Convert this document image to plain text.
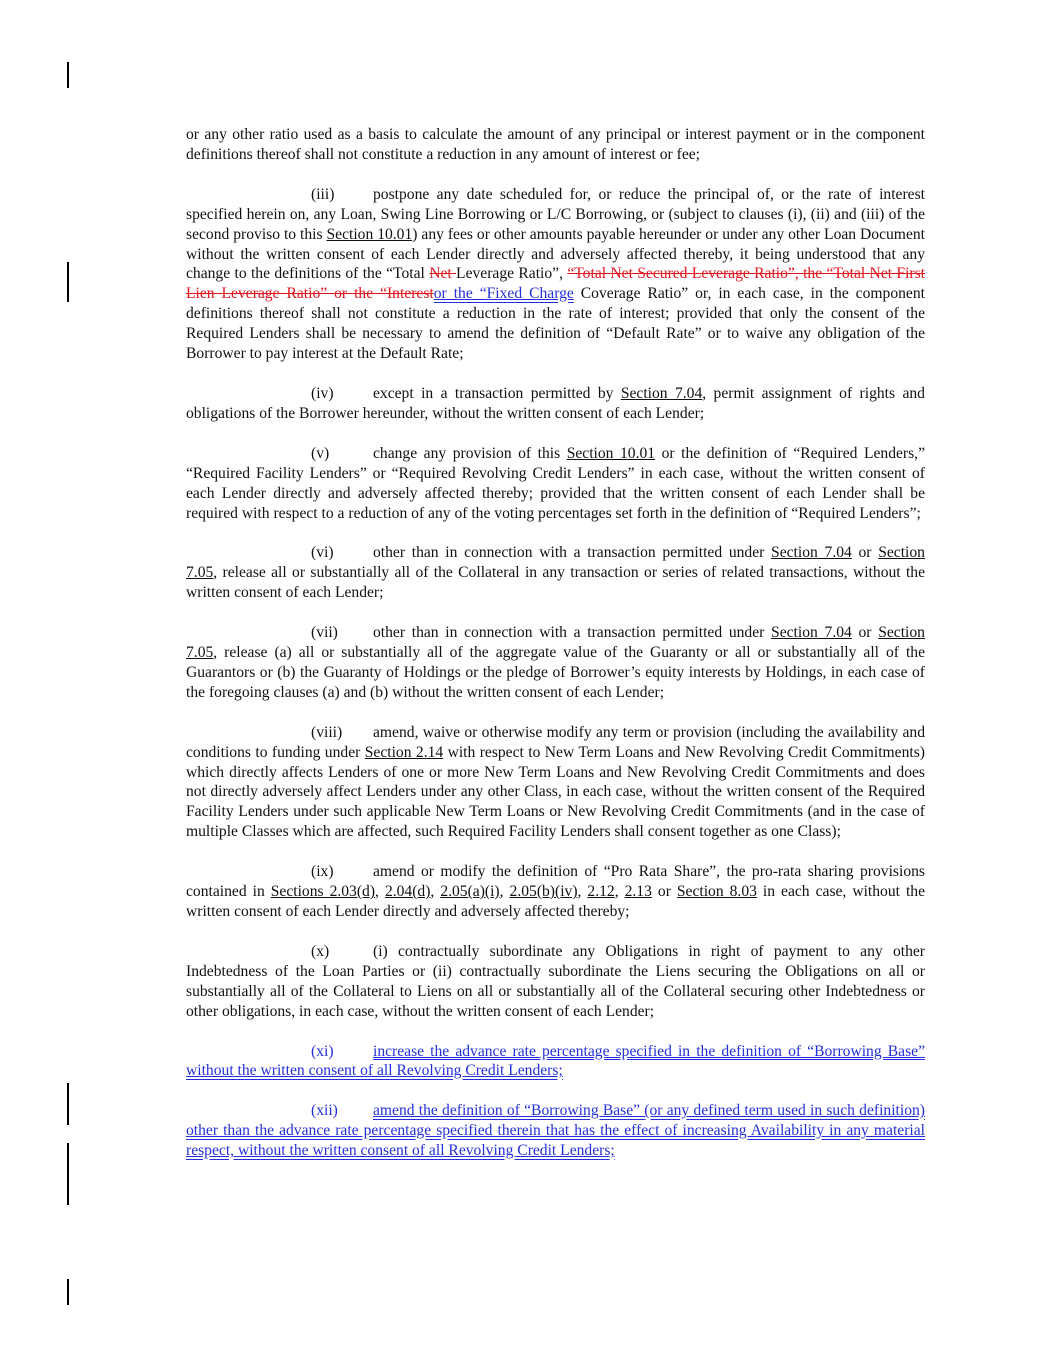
or any other ratio used as a basis to calculate the amount of any principal or interest payment or in the component definitions thereof shall not constitute a reduction in any amount of interest or fee;

(iii) postpone any date scheduled for, or reduce the principal of, or the rate of interest specified herein on, any Loan, Swing Line Borrowing or L/C Borrowing, or (subject to clauses (i), (ii) and (iii) of the second proviso to this Section 10.01) any fees or other amounts payable hereunder or under any other Loan Document without the written consent of each Lender directly and adversely affected thereby, it being understood that any change to the definitions of the “Total Net Leverage Ratio”, “Total Net Secured Leverage Ratio”, the “Total Net First Lien Leverage Ratio” or the “Interestor the “Fixed Charge Coverage Ratio” or, in each case, in the component definitions thereof shall not constitute a reduction in the rate of interest; provided that only the consent of the Required Lenders shall be necessary to amend the definition of “Default Rate” or to waive any obligation of the Borrower to pay interest at the Default Rate;

(iv)	except in a transaction permitted by Section 7.04, permit assignment of rights and obligations of the Borrower hereunder, without the written consent of each Lender;

(v)	change any provision of this Section 10.01 or the definition of “Required Lenders,” “Required Facility Lenders” or “Required Revolving Credit Lenders” in each case, without the written consent of each Lender directly and adversely affected thereby; provided that the written consent of each Lender shall be required with respect to a reduction of any of the voting percentages set forth in the definition of “Required Lenders”;

(vi)	other than in connection with a transaction permitted under Section 7.04 or Section 7.05, release all or substantially all of the Collateral in any transaction or series of related transactions, without the written consent of each Lender;

(vii) other than in connection with a transaction permitted under Section 7.04 or Section 7.05, release (a) all or substantially all of the aggregate value of the Guaranty or all or substantially all of the Guarantors or (b) the Guaranty of Holdings or the pledge of Borrower’s equity interests by Holdings, in each case of the foregoing clauses (a) and (b) without the written consent of each Lender;

(viii) amend, waive or otherwise modify any term or provision (including the availability and conditions to funding under Section 2.14 with respect to New Term Loans and New Revolving Credit Commitments) which directly affects Lenders of one or more New Term Loans and New Revolving Credit Commitments and does not directly adversely affect Lenders under any other Class, in each case, without the written consent of the Required Facility Lenders under such applicable New Term Loans or New Revolving Credit Commitments (and in the case of multiple Classes which are affected, such Required Facility Lenders shall consent together as one Class);

(ix)	amend or modify the definition of “Pro Rata Share”, the pro-rata sharing provisions contained in Sections 2.03(d), 2.04(d), 2.05(a)(i), 2.05(b)(iv), 2.12, 2.13 or Section 8.03 in each case, without the written consent of each Lender directly and adversely affected thereby;

(x)	(i) contractually subordinate any Obligations in right of payment to any other Indebtedness of the Loan Parties or (ii) contractually subordinate the Liens securing the Obligations on all or substantially all of the Collateral to Liens on all or substantially all of the Collateral securing other Indebtedness or other obligations, in each case, without the written consent of each Lender;

(xi)	increase the advance rate percentage specified in the definition of “Borrowing Base” without the written consent of all Revolving Credit Lenders;

(xii) amend the definition of “Borrowing Base” (or any defined term used in such definition) other than the advance rate percentage specified therein that has the effect of increasing Availability in any material respect, without the written consent of all Revolving Credit Lenders;
